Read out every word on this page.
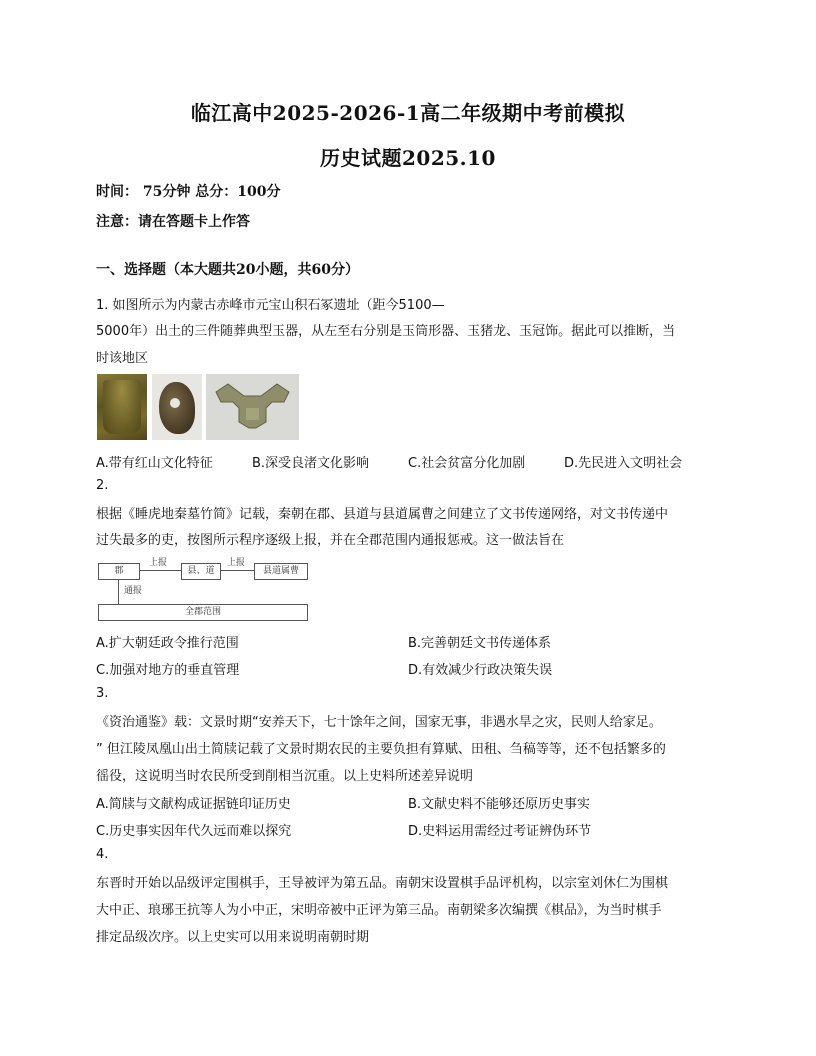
临江高中2025-2026-1高二年级期中考前模拟
历史试题2025.10
时间： 75分钟 总分：100分
注意：请在答题卡上作答
一、选择题（本大题共20小题，共60分）
1. 如图所示为内蒙古赤峰市元宝山积石冢遗址（距今5100—
5000年）出土的三件随葬典型玉器，从左至右分别是玉筒形器、玉猪龙、玉冠饰。据此可以推断，当
时该地区
A.带有红山文化特征	B.深受良渚文化影响	C.社会贫富分化加剧	D.先民进入文明社会
2.
根据《睡虎地秦墓竹简》记载，秦朝在郡、县道与县道属曹之间建立了文书传递网络，对文书传递中
过失最多的吏，按图所示程序逐级上报，并在全郡范围内通报惩戒。这一做法旨在
郡
上报
县、道
上报
县道属曹
通报
全郡范围
A.扩大朝廷政令推行范围	B.完善朝廷文书传递体系
C.加强对地方的垂直管理	D.有效减少行政决策失误
3.
《资治通鉴》载：文景时期“安养天下，七十馀年之间，国家无事，非遇水旱之灾，民则人给家足。
” 但江陵凤凰山出土简牍记载了文景时期农民的主要负担有算赋、田租、刍稿等等，还不包括繁多的
徭役，这说明当时农民所受到削相当沉重。以上史料所述差异说明
A.简牍与文献构成证据链印证历史	B.文献史料不能够还原历史事实
C.历史事实因年代久远而难以探究	D.史料运用需经过考证辨伪环节
4.
东晋时开始以品级评定围棋手，王导被评为第五品。南朝宋设置棋手品评机构，以宗室刘休仁为围棋
大中正、琅琊王抗等人为小中正，宋明帝被中正评为第三品。南朝梁多次编撰《棋品》，为当时棋手
排定品级次序。以上史实可以用来说明南朝时期
